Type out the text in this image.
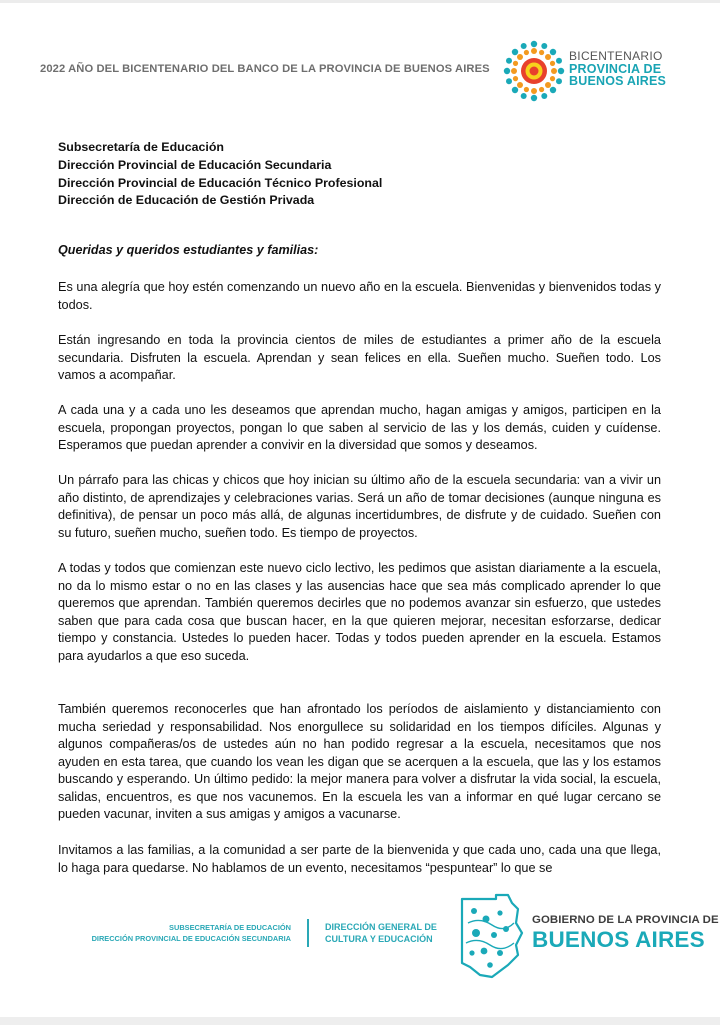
2022 AÑO DEL BICENTENARIO DEL BANCO DE LA PROVINCIA DE BUENOS AIRES
BICENTENARIO
PROVINCIA DE
BUENOS AIRES
Subsecretaría de Educación
Dirección Provincial de Educación Secundaria
Dirección Provincial de Educación Técnico Profesional
Dirección de Educación de Gestión Privada
Queridas y queridos estudiantes y familias:

Es una alegría que hoy estén comenzando un nuevo año en la escuela. Bienvenidas y bienvenidos todas y todos.

Están ingresando en toda la provincia cientos de miles de estudiantes a primer año de la escuela secundaria. Disfruten la escuela. Aprendan y sean felices en ella. Sueñen mucho. Sueñen todo. Los vamos a acompañar.

A cada una y a cada uno les deseamos que aprendan mucho, hagan amigas y amigos, participen en la escuela, propongan proyectos, pongan lo que saben al servicio de las y los demás, cuiden y cuídense. Esperamos que puedan aprender a convivir en la diversidad que somos y deseamos.

Un párrafo para las chicas y chicos que hoy inician su último año de la escuela secundaria: van a vivir un año distinto, de aprendizajes y celebraciones varias. Será un año de tomar decisiones (aunque ninguna es definitiva), de pensar un poco más allá, de algunas incertidumbres, de disfrute y de cuidado. Sueñen con su futuro, sueñen mucho, sueñen todo. Es tiempo de proyectos.

A todas y todos que comienzan este nuevo ciclo lectivo, les pedimos que asistan diariamente a la escuela, no da lo mismo estar o no en las clases y las ausencias hace que sea más complicado aprender lo que queremos que aprendan. También queremos decirles que no podemos avanzar sin esfuerzo, que ustedes saben que para cada cosa que buscan hacer, en la que quieren mejorar, necesitan esforzarse, dedicar tiempo y constancia. Ustedes lo pueden hacer. Todas y todos pueden aprender en la escuela. Estamos para ayudarlos a que eso suceda.

También queremos reconocerles que han afrontado los períodos de aislamiento y distanciamiento con mucha seriedad y responsabilidad. Nos enorgullece su solidaridad en los tiempos difíciles. Algunas y algunos compañeras/os de ustedes aún no han podido regresar a la escuela, necesitamos que nos ayuden en esta tarea, que cuando los vean les digan que se acerquen a la escuela, que las y los estamos buscando y esperando. Un último pedido: la mejor manera para volver a disfrutar la vida social, la escuela, salidas, encuentros, es que nos vacunemos. En la escuela les van a informar en qué lugar cercano se pueden vacunar, inviten a sus amigas y amigos a vacunarse.

Invitamos a las familias, a la comunidad a ser parte de la bienvenida y que cada uno, cada una que llega, lo haga para quedarse. No hablamos de un evento, necesitamos “pespuntear” lo que se

SUBSECRETARÍA DE EDUCACIÓN
DIRECCIÓN PROVINCIAL DE EDUCACIÓN SECUNDARIA
DIRECCIÓN GENERAL DE
CULTURA Y EDUCACIÓN
GOBIERNO DE LA PROVINCIA DE
BUENOS AIRES
